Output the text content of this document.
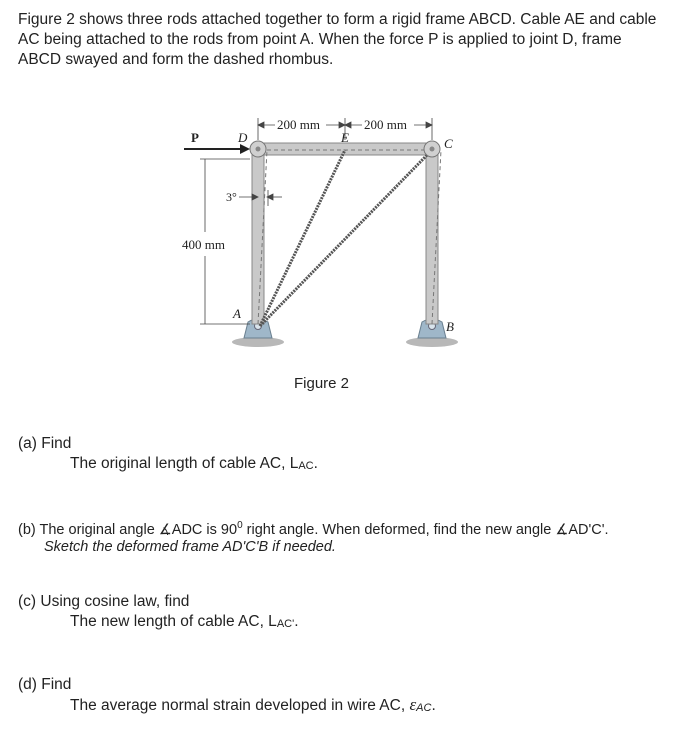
Figure 2 shows three rods attached together to form a rigid frame ABCD. Cable AE and cable AC being attached to the rods from point A. When the force P is applied to joint D, frame ABCD swayed and form the dashed rhombus.
P	D	E	C
A
B
200 mm	200 mm
400 mm
3°
Figure 2
(a) Find
The original length of cable AC, LAC.
(b) The original angle ∡ADC is $90^0$ right angle. When deformed, find the new angle ∡AD'C'.
Sketch the deformed frame AD'C'B if needed.
(c) Using cosine law, find
The new length of cable AC, LAC'.
(d) Find
The average normal strain developed in wire AC, εAC.
